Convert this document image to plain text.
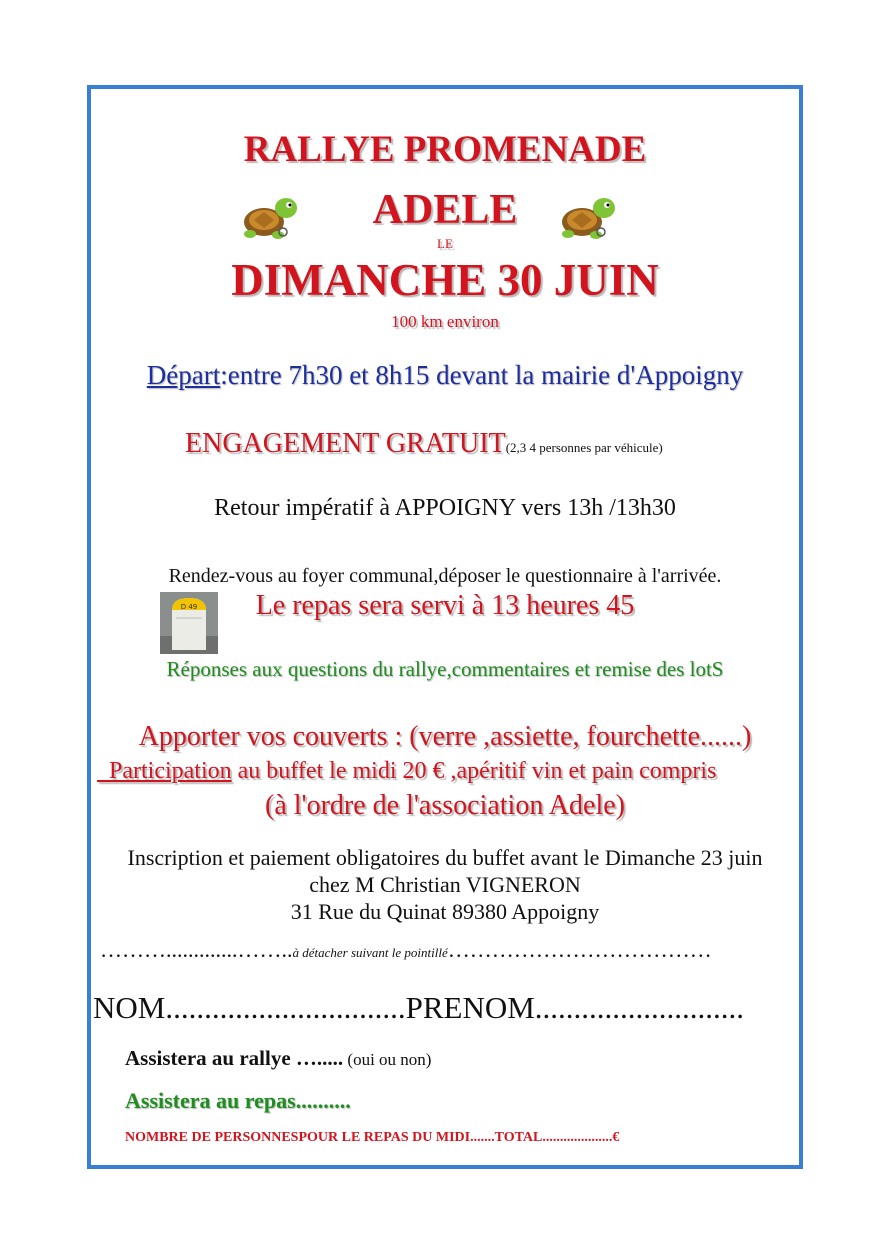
RALLYE PROMENADE
ADELE
LE
DIMANCHE 30 JUIN
100 km environ
Départ:entre 7h30 et 8h15 devant la mairie d'Appoigny
ENGAGEMENT GRATUIT(2,3 4 personnes par véhicule)
Retour impératif à APPOIGNY vers 13h /13h30
Rendez-vous au foyer communal,déposer le questionnaire à l'arrivée.
D 49	Le repas sera servi à 13 heures 45
Réponses aux questions du rallye,commentaires et remise des lotS
Apporter vos couverts : (verre ,assiette, fourchette......)
Participation au buffet le midi 20 € ,apéritif vin et pain compris
(à l'ordre de l'association Adele)
Inscription et paiement obligatoires du buffet avant le Dimanche 23 juin
chez M Christian VIGNERON
31 Rue du Quinat 89380 Appoigny
……….............……..à détacher suivant le pointillé………………………………
NOM...............................PRENOM...........................
Assistera au rallye …..... (oui ou non)
Assistera au repas..........
NOMBRE DE PERSONNESPOUR LE REPAS DU MIDI.......TOTAL....................€
